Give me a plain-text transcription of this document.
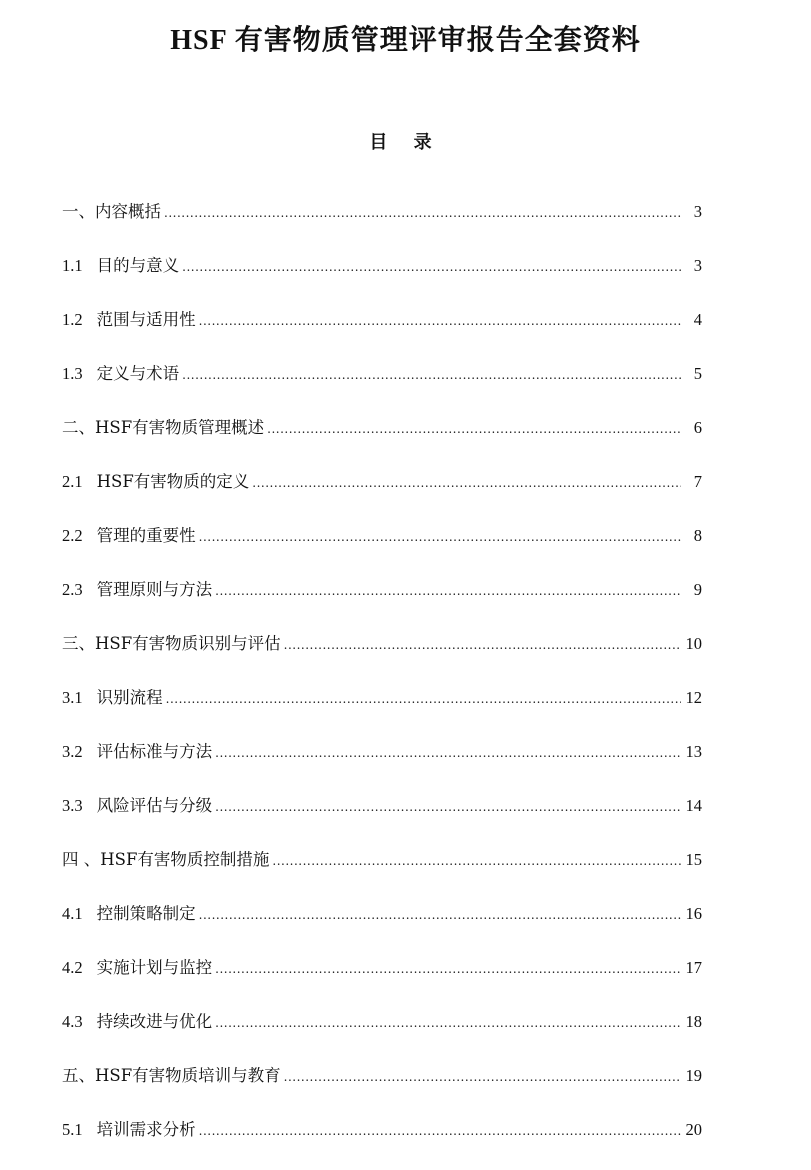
HSF 有害物质管理评审报告全套资料
目 录
一、内容概括 .....	3
1.1 目的与意义 .....	3
1.2 范围与适用性 .....	4
1.3 定义与术语 .....	5
二、HSF有害物质管理概述 .....	6
2.1 HSF有害物质的定义 .....	7
2.2 管理的重要性 .....	8
2.3 管理原则与方法 .....	9
三、HSF有害物质识别与评估 .....	10
3.1 识别流程 .....	12
3.2 评估标准与方法 .....	13
3.3 风险评估与分级 .....	14
四 、HSF有害物质控制措施 .....	15
4.1 控制策略制定 .....	16
4.2 实施计划与监控 .....	17
4.3 持续改进与优化 .....	18
五、HSF有害物质培训与教育 .....	19
5.1 培训需求分析 .....	20
